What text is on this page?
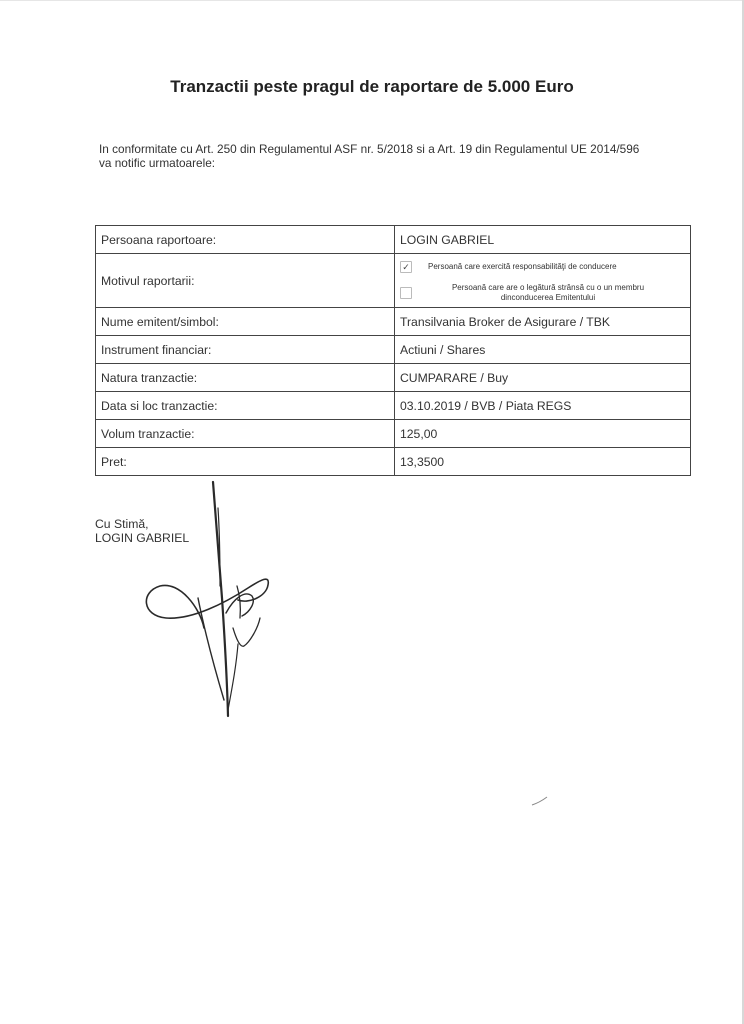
Tranzactii peste pragul de raportare de 5.000 Euro
In conformitate cu Art. 250 din Regulamentul ASF nr. 5/2018 si a Art. 19 din Regulamentul UE 2014/596
va notific urmatoarele:
Persoana raportoare:	LOGIN GABRIEL
Motivul raportarii:	✓ Persoană care exercită responsabilităţi de conducere
Persoană care are o legătură strânsă cu o un membru
dinconducerea Emitentului

Nume emitent/simbol:	Transilvania Broker de Asigurare / TBK
Instrument financiar:	Actiuni / Shares
Natura tranzactie:	CUMPARARE / Buy
Data si loc tranzactie:	03.10.2019 / BVB / Piata REGS
Volum tranzactie:	125,00
Pret:	13,3500
Cu Stimă,
LOGIN GABRIEL
